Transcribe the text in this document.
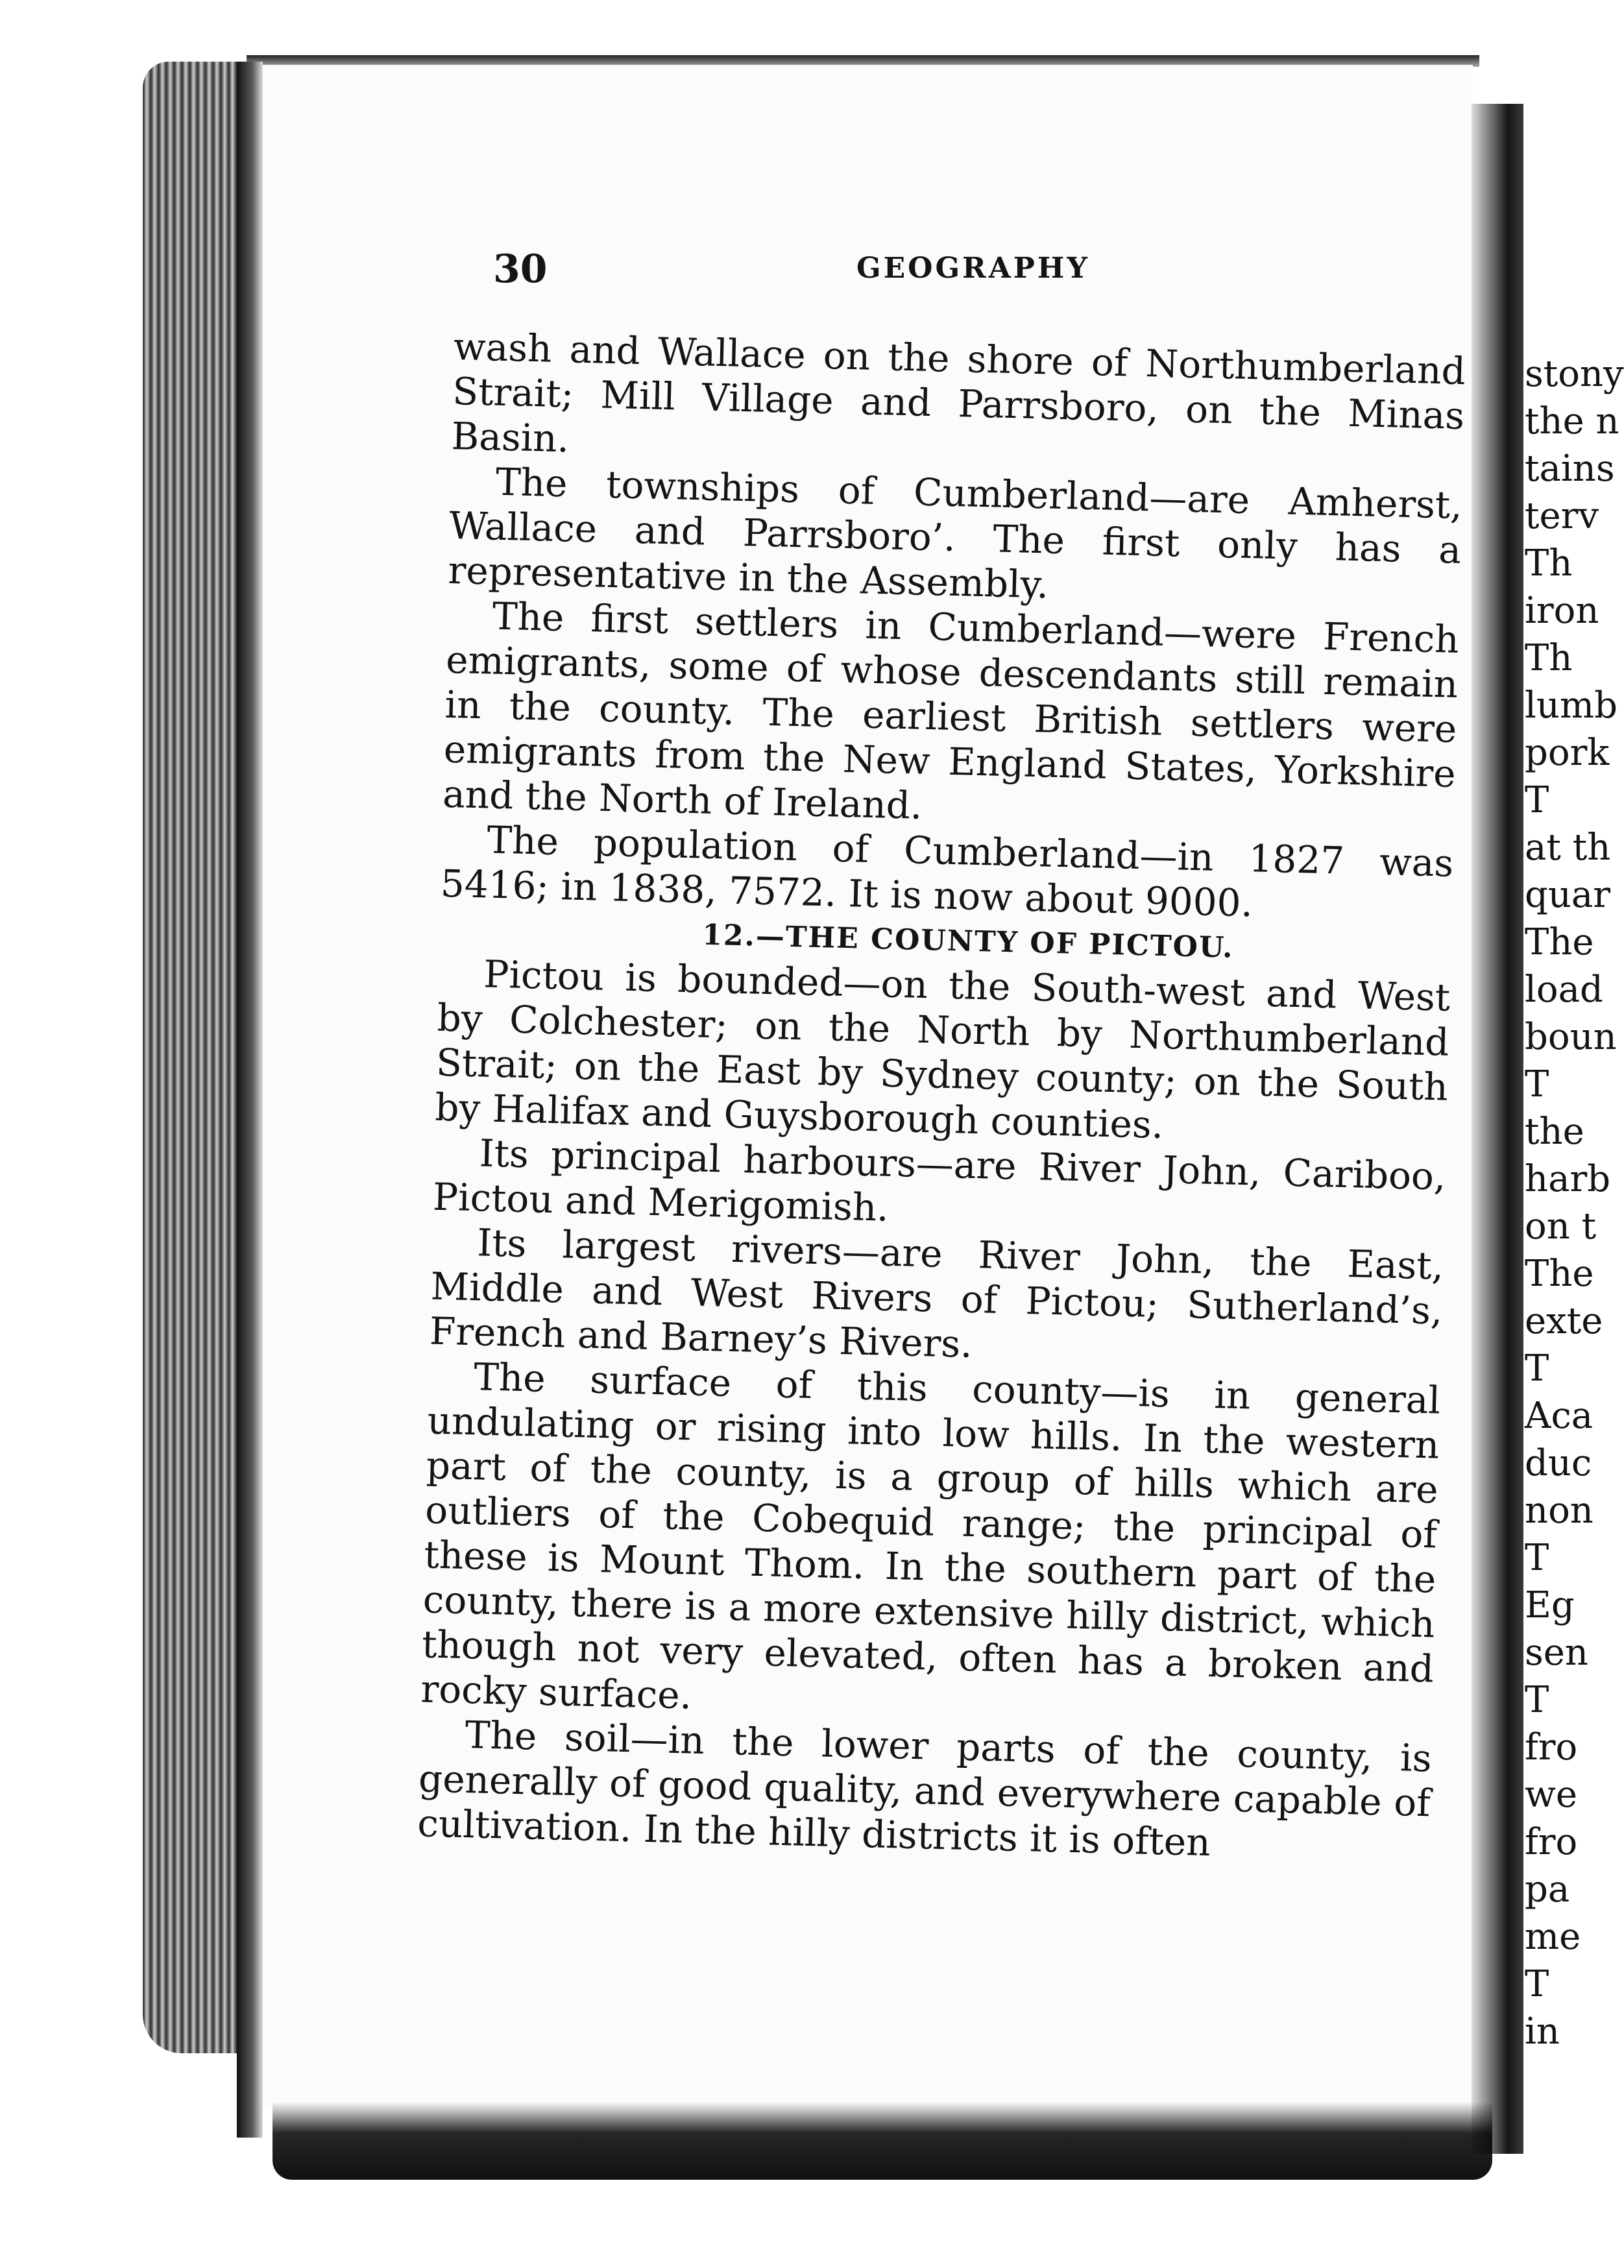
30	GEOGRAPHY

wash and Wallace on the shore of Northumberland Strait; Mill Village and Parrsboro, on the Minas Basin.

The townships of Cumberland—are Amherst, Wallace and Parrsboro’. The first only has a representative in the Assembly.

The first settlers in Cumberland—were French emigrants, some of whose descendants still remain in the county. The earliest British settlers were emigrants from the New England States, Yorkshire and the North of Ireland.

The population of Cumberland—in 1827 was 5416; in 1838, 7572. It is now about 9000.

12.—THE COUNTY OF PICTOU.

Pictou is bounded—on the South-west and West by Colchester; on the North by Northumberland Strait; on the East by Sydney county; on the South by Halifax and Guysborough counties.

Its principal harbours—are River John, Cariboo, Pictou and Merigomish.

Its largest rivers—are River John, the East, Middle and West Rivers of Pictou; Sutherland’s, French and Barney’s Rivers.

The surface of this county—is in general undulating or rising into low hills. In the western part of the county, is a group of hills which are outliers of the Cobequid range; the principal of these is Mount Thom. In the southern part of the county, there is a more extensive hilly district, which though not very elevated, often has a broken and rocky surface.

The soil—in the lower parts of the county, is generally of good quality, and everywhere capable of cultivation. In the hilly districts it is often

stony
the n
tains
terv
Th
iron
Th
lumb
pork
T
at th
quar
The
load
boun
T
the
harb
on t
The
exte
T
Aca
duc
non
T
Eg
sen
T
fro
we
fro
pa
me
T
in
